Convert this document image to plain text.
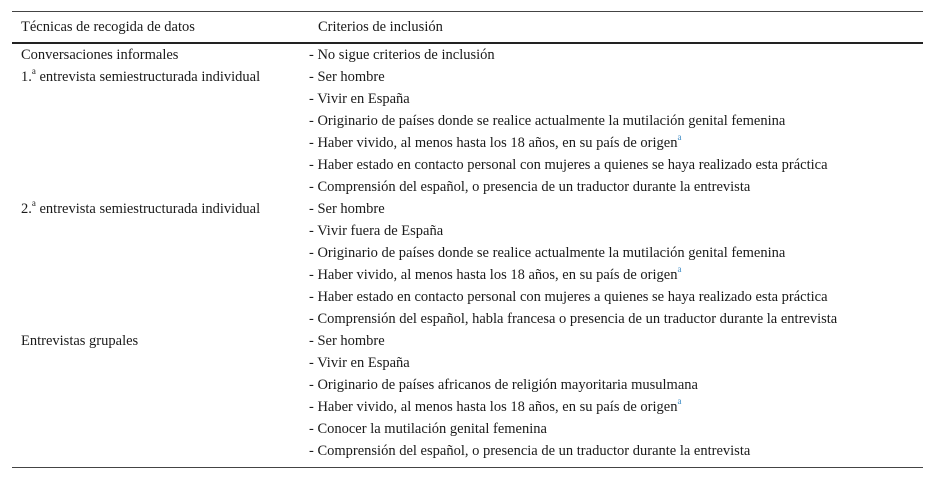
Técnicas de recogida de datos	Criterios de inclusión
Conversaciones informales	- No sigue criterios de inclusión
1.$^a$ entrevista semiestructurada individual	- Ser hombre
- Vivir en España
- Originario de países donde se realice actualmente la mutilación genital femenina
- Haber vivido, al menos hasta los 18 años, en su país de origen$^a$
- Haber estado en contacto personal con mujeres a quienes se haya realizado esta práctica
- Comprensión del español, o presencia de un traductor durante la entrevista
2.$^a$ entrevista semiestructurada individual	- Ser hombre
- Vivir fuera de España
- Originario de países donde se realice actualmente la mutilación genital femenina
- Haber vivido, al menos hasta los 18 años, en su país de origen$^a$
- Haber estado en contacto personal con mujeres a quienes se haya realizado esta práctica
- Comprensión del español, habla francesa o presencia de un traductor durante la entrevista
Entrevistas grupales	- Ser hombre
- Vivir en España
- Originario de países africanos de religión mayoritaria musulmana
- Haber vivido, al menos hasta los 18 años, en su país de origen$^a$
- Conocer la mutilación genital femenina
- Comprensión del español, o presencia de un traductor durante la entrevista
